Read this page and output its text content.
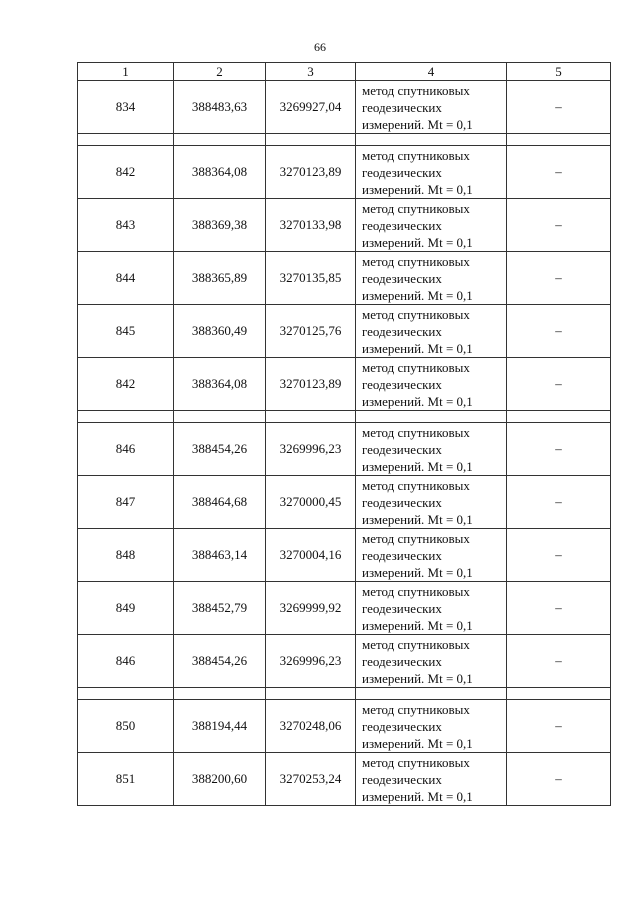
66
1	2	3	4	5
834	388483,63	3269927,04	метод спутниковых
геодезических
измерений. Mt = 0,1	–

842	388364,08	3270123,89	метод спутниковых
геодезических
измерений. Mt = 0,1	–
843	388369,38	3270133,98	метод спутниковых
геодезических
измерений. Mt = 0,1	–
844	388365,89	3270135,85	метод спутниковых
геодезических
измерений. Mt = 0,1	–
845	388360,49	3270125,76	метод спутниковых
геодезических
измерений. Mt = 0,1	–
842	388364,08	3270123,89	метод спутниковых
геодезических
измерений. Mt = 0,1	–

846	388454,26	3269996,23	метод спутниковых
геодезических
измерений. Mt = 0,1	–
847	388464,68	3270000,45	метод спутниковых
геодезических
измерений. Mt = 0,1	–
848	388463,14	3270004,16	метод спутниковых
геодезических
измерений. Mt = 0,1	–
849	388452,79	3269999,92	метод спутниковых
геодезических
измерений. Mt = 0,1	–
846	388454,26	3269996,23	метод спутниковых
геодезических
измерений. Mt = 0,1	–

850	388194,44	3270248,06	метод спутниковых
геодезических
измерений. Mt = 0,1	–
851	388200,60	3270253,24	метод спутниковых
геодезических
измерений. Mt = 0,1	–
